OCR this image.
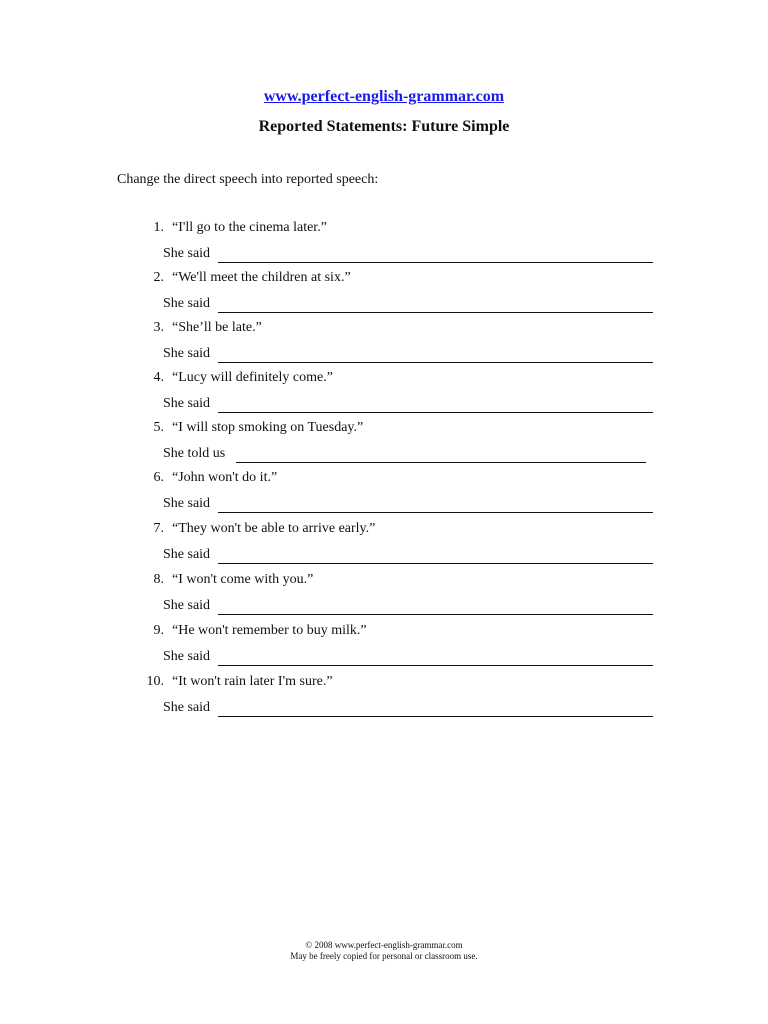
www.perfect-english-grammar.com
Reported Statements: Future Simple
Change the direct speech into reported speech:
1. “I'll go to the cinema later.”
She said
2. “We'll meet the children at six.”
She said
3. “She’ll be late.”
She said
4. “Lucy will definitely come.”
She said
5. “I will stop smoking on Tuesday.”
She told us
6. “John won't do it.”
She said
7. “They won't be able to arrive early.”
She said
8. “I won't come with you.”
She said
9. “He won't remember to buy milk.”
She said
10. “It won't rain later I'm sure.”
She said
© 2008 www.perfect-english-grammar.com
May be freely copied for personal or classroom use.
